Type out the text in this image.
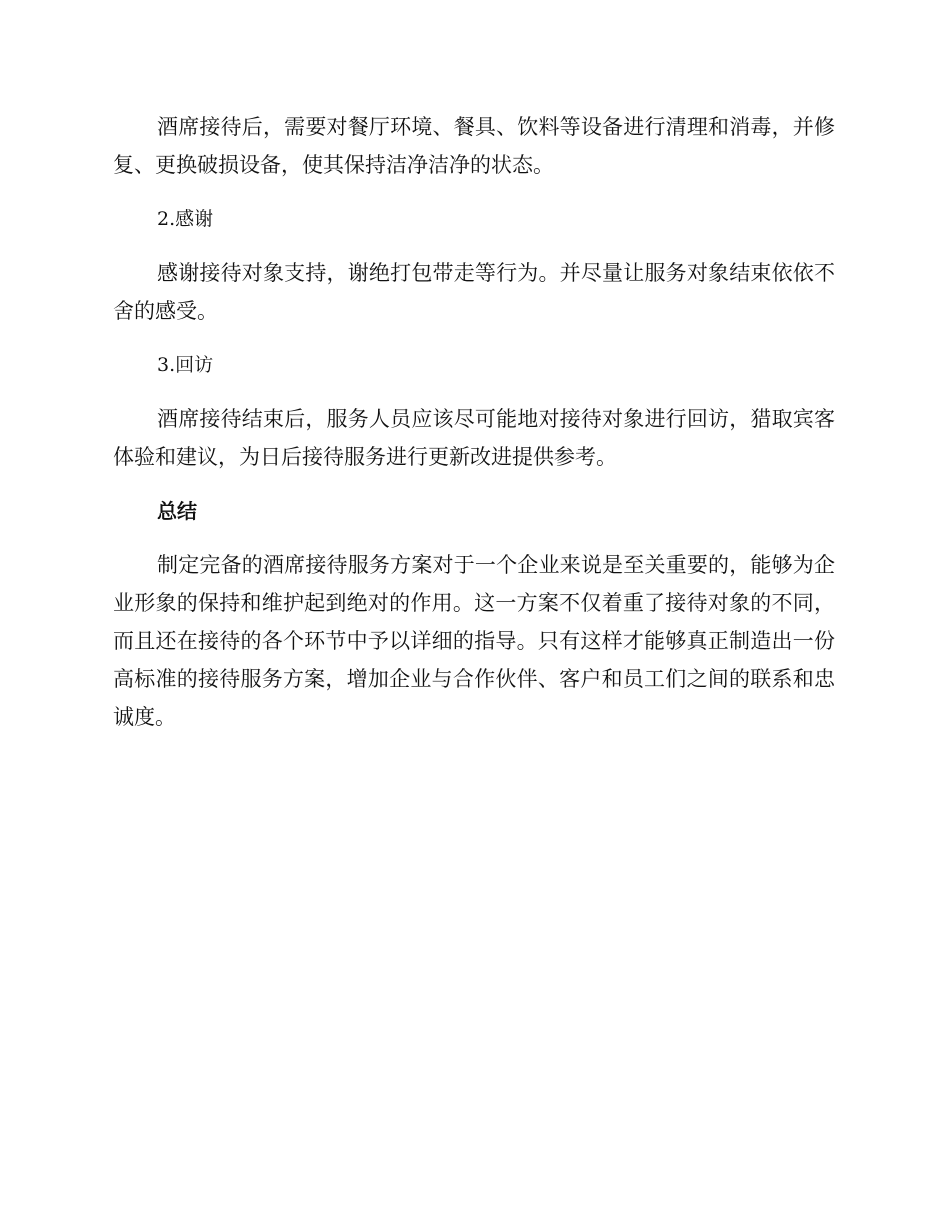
酒席接待后，需要对餐厅环境、餐具、饮料等设备进行清理和消毒，并修复、更换破损设备，使其保持洁净洁净的状态。

2.感谢

感谢接待对象支持，谢绝打包带走等行为。并尽量让服务对象结束依依不舍的感受。

3.回访

酒席接待结束后，服务人员应该尽可能地对接待对象进行回访，猎取宾客体验和建议，为日后接待服务进行更新改进提供参考。

总结

制定完备的酒席接待服务方案对于一个企业来说是至关重要的，能够为企业形象的保持和维护起到绝对的作用。这一方案不仅着重了接待对象的不同，而且还在接待的各个环节中予以详细的指导。只有这样才能够真正制造出一份高标准的接待服务方案，增加企业与合作伙伴、客户和员工们之间的联系和忠诚度。
